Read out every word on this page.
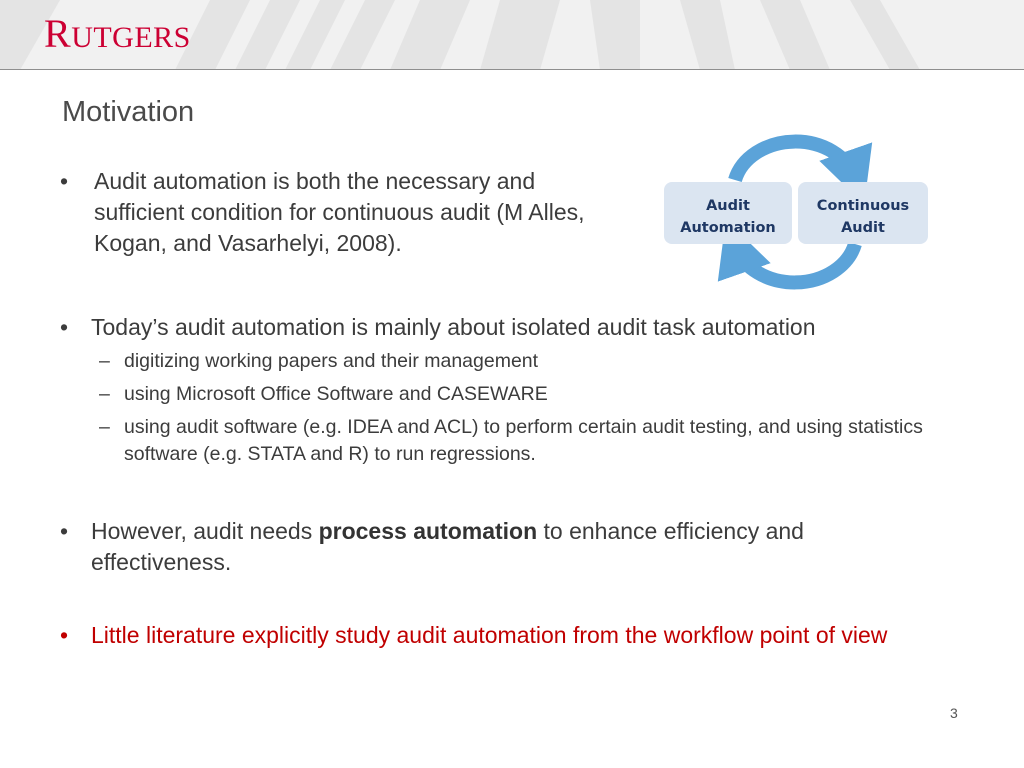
RUTGERS
Motivation
•	Audit automation is both the necessary and sufficient condition for continuous audit (M Alles, Kogan, and Vasarhelyi, 2008).
Audit
Automation
Continuous
Audit
• Today’s audit automation is mainly about isolated audit task automation
– digitizing working papers and their management
– using Microsoft Office Software and CASEWARE
– using audit software (e.g. IDEA and ACL) to perform certain audit testing, and using statistics software (e.g. STATA and R) to run regressions.
• However, audit needs process automation to enhance efficiency and effectiveness.
• Little literature explicitly study audit automation from the workflow point of view
3
